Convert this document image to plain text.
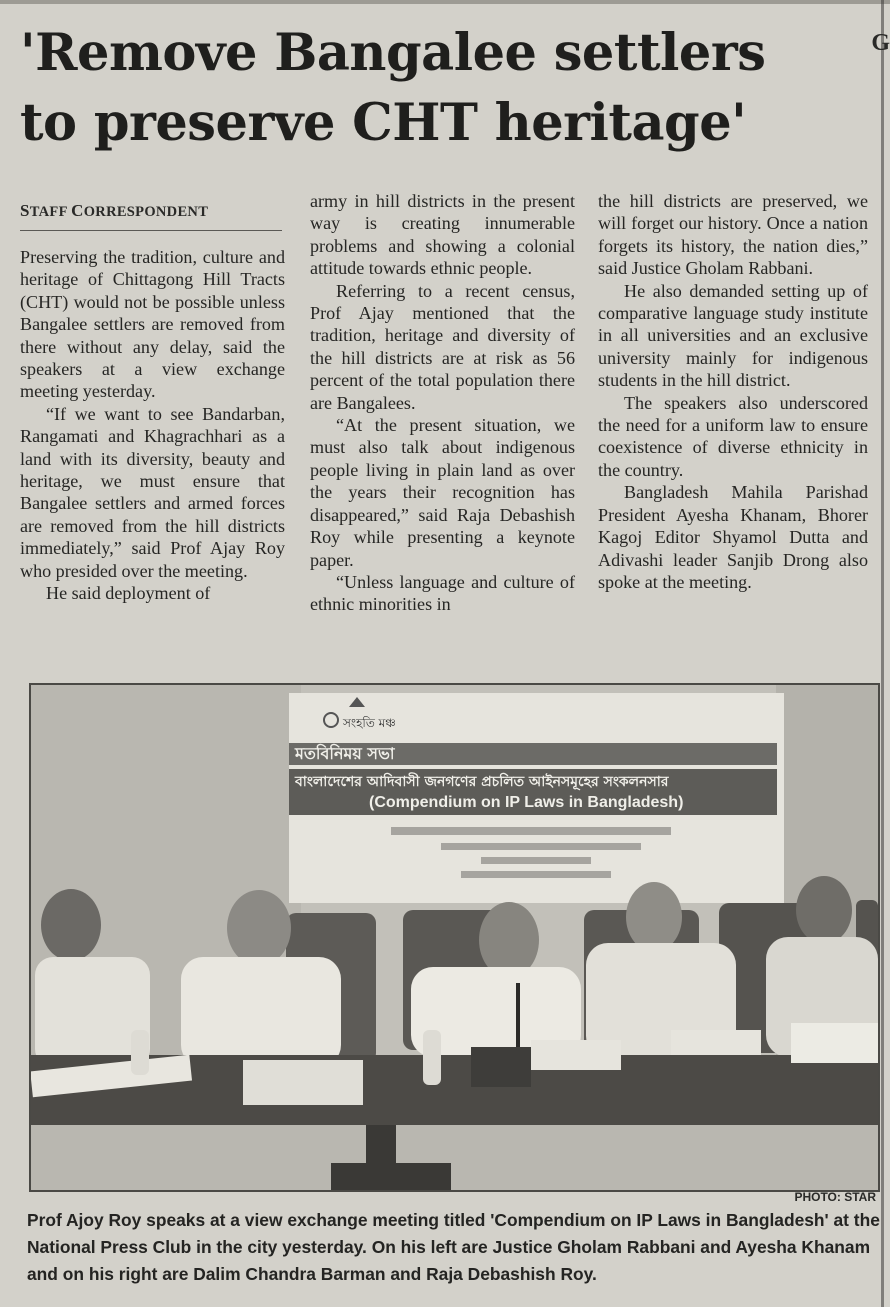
G
'Remove Bangalee settlers
to preserve CHT heritage'
STAFF CORRESPONDENT

Preserving the tradition, culture and heritage of Chittagong Hill Tracts (CHT) would not be possible unless Bangalee settlers are removed from there without any delay, said the speakers at a view exchange meeting yesterday.

“If we want to see Bandarban, Rangamati and Khagrachhari as a land with its diversity, beauty and heritage, we must ensure that Bangalee settlers and armed forces are removed from the hill districts immediately,” said Prof Ajay Roy who presided over the meeting.

He said deployment of

army in hill districts in the present way is creating innumerable problems and showing a colonial attitude towards ethnic people.

Referring to a recent census, Prof Ajay mentioned that the tradition, heritage and diversity of the hill districts are at risk as 56 percent of the total population there are Bangalees.

“At the present situation, we must also talk about indigenous people living in plain land as over the years their recognition has disappeared,” said Raja Debashish Roy while presenting a keynote paper.

“Unless language and culture of ethnic minorities in

the hill districts are preserved, we will forget our history. Once a nation forgets its history, the nation dies,” said Justice Gholam Rabbani.

He also demanded setting up of comparative language study institute in all universities and an exclusive university mainly for indigenous students in the hill district.

The speakers also underscored the need for a uniform law to ensure coexistence of diverse ethnicity in the country.

Bangladesh Mahila Parishad President Ayesha Khanam, Bhorer Kagoj Editor Shyamol Dutta and Adivashi leader Sanjib Drong also spoke at the meeting.

সংহতি মঞ্চ
মতবিনিময় সভা
বাংলাদেশের আদিবাসী জনগণের প্রচলিত আইনসমূহের সংকলনসার
(Compendium on IP Laws in Bangladesh)
PHOTO: STAR

Prof Ajoy Roy speaks at a view exchange meeting titled 'Compendium on IP Laws in Bangladesh' at the National Press Club in the city yesterday. On his left are Justice Gholam Rabbani and Ayesha Khanam and on his right are Dalim Chandra Barman and Raja Debashish Roy.
